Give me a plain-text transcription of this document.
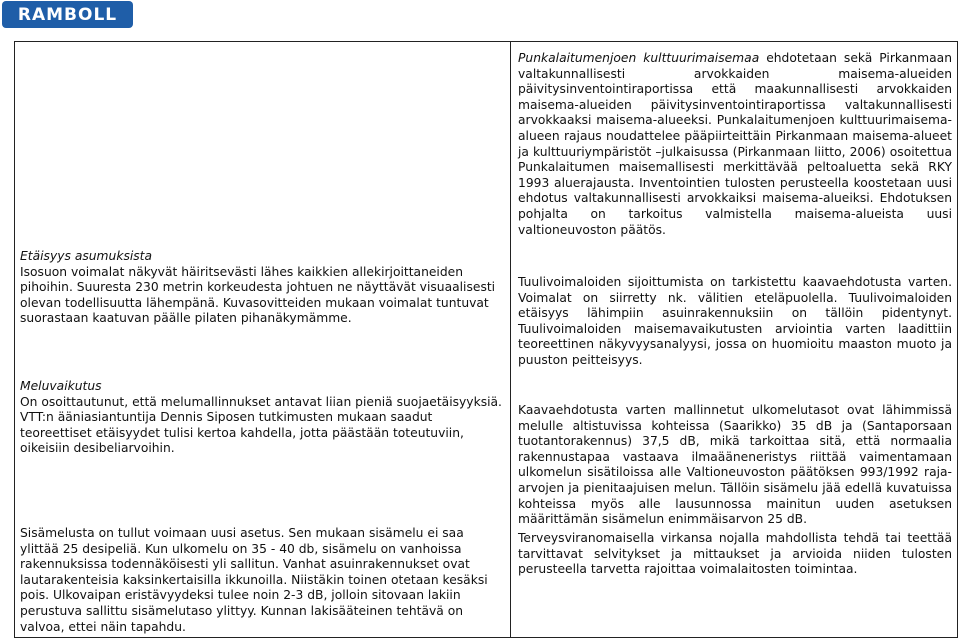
RAMBOLL
Etäisyys asumuksista
Isosuon voimalat näkyvät häiritsevästi lähes kaikkien allekirjoittaneiden pihoihin. Suuresta 230 metrin korkeudesta johtuen ne näyttävät visuaalisesti olevan todellisuutta lähempänä. Kuvasovitteiden mukaan voimalat tuntuvat suorastaan kaatuvan päälle pilaten pihanäkymämme.
Meluvaikutus
On osoittautunut, että melumallinnukset antavat liian pieniä suojaetäisyyksiä. VTT:n ääniasiantuntija Dennis Siposen tutkimusten mukaan saadut teoreettiset etäisyydet tulisi kertoa kahdella, jotta päästään toteutuviin, oikeisiin desibeliarvoihin.
Sisämelusta on tullut voimaan uusi asetus. Sen mukaan sisämelu ei saa ylittää 25 desipeliä. Kun ulkomelu on 35 - 40 db, sisämelu on vanhoissa rakennuksissa todennäköisesti yli sallitun. Vanhat asuinrakennukset ovat lautarakenteisia kaksinkertaisilla ikkunoilla. Niistäkin toinen otetaan kesäksi pois. Ulkovaipan eristävyydeksi tulee noin 2-3 dB, jolloin sitovaan lakiin perustuva sallittu sisämelutaso ylittyy. Kunnan lakisääteinen tehtävä on valvoa, ettei näin tapahdu.
Punkalaitumenjoen kulttuurimaisemaa ehdotetaan sekä Pirkanmaan valtakunnallisesti arvokkaiden maisema-alueiden päivitysinventointiraportissa että maakunnallisesti arvokkaiden maisema-alueiden päivitysinventointiraportissa valtakunnallisesti arvokkaaksi maisema-alueeksi. Punkalaitumenjoen kulttuurimaisema-alueen rajaus noudattelee pääpiirteittäin Pirkanmaan maisema-alueet ja kulttuuriympäristöt –julkaisussa (Pirkanmaan liitto, 2006) osoitettua Punkalaitumen maisemallisesti merkittävää peltoaluetta sekä RKY 1993 aluerajausta. Inventointien tulosten perusteella koostetaan uusi ehdotus valtakunnallisesti arvokkaiksi maisema-alueiksi. Ehdotuksen pohjalta on tarkoitus valmistella maisema-alueista uusi valtioneuvoston päätös.
Tuulivoimaloiden sijoittumista on tarkistettu kaavaehdotusta varten. Voimalat on siirretty nk. välitien eteläpuolella. Tuulivoimaloiden etäisyys lähimpiin asuinrakennuksiin on tällöin pidentynyt. Tuulivoimaloiden maisemavaikutusten arviointia varten laadittiin teoreettinen näkyvyysanalyysi, jossa on huomioitu maaston muoto ja puuston peitteisyys.
Kaavaehdotusta varten mallinnetut ulkomelutasot ovat lähimmissä melulle altistuvissa kohteissa (Saarikko) 35 dB ja (Santaporsaan tuotantorakennus) 37,5 dB, mikä tarkoittaa sitä, että normaalia rakennustapaa vastaava ilmaääneneristys riittää vaimentamaan ulkomelun sisätiloissa alle Valtioneuvoston päätöksen 993/1992 raja-arvojen ja pienitaajuisen melun. Tällöin sisämelu jää edellä kuvatuissa kohteissa myös alle lausunnossa mainitun uuden asetuksen määrittämän sisämelun enimmäisarvon 25 dB.
Terveysviranomaisella virkansa nojalla mahdollista tehdä tai teettää tarvittavat selvitykset ja mittaukset ja arvioida niiden tulosten perusteella tarvetta rajoittaa voimalaitosten toimintaa.
